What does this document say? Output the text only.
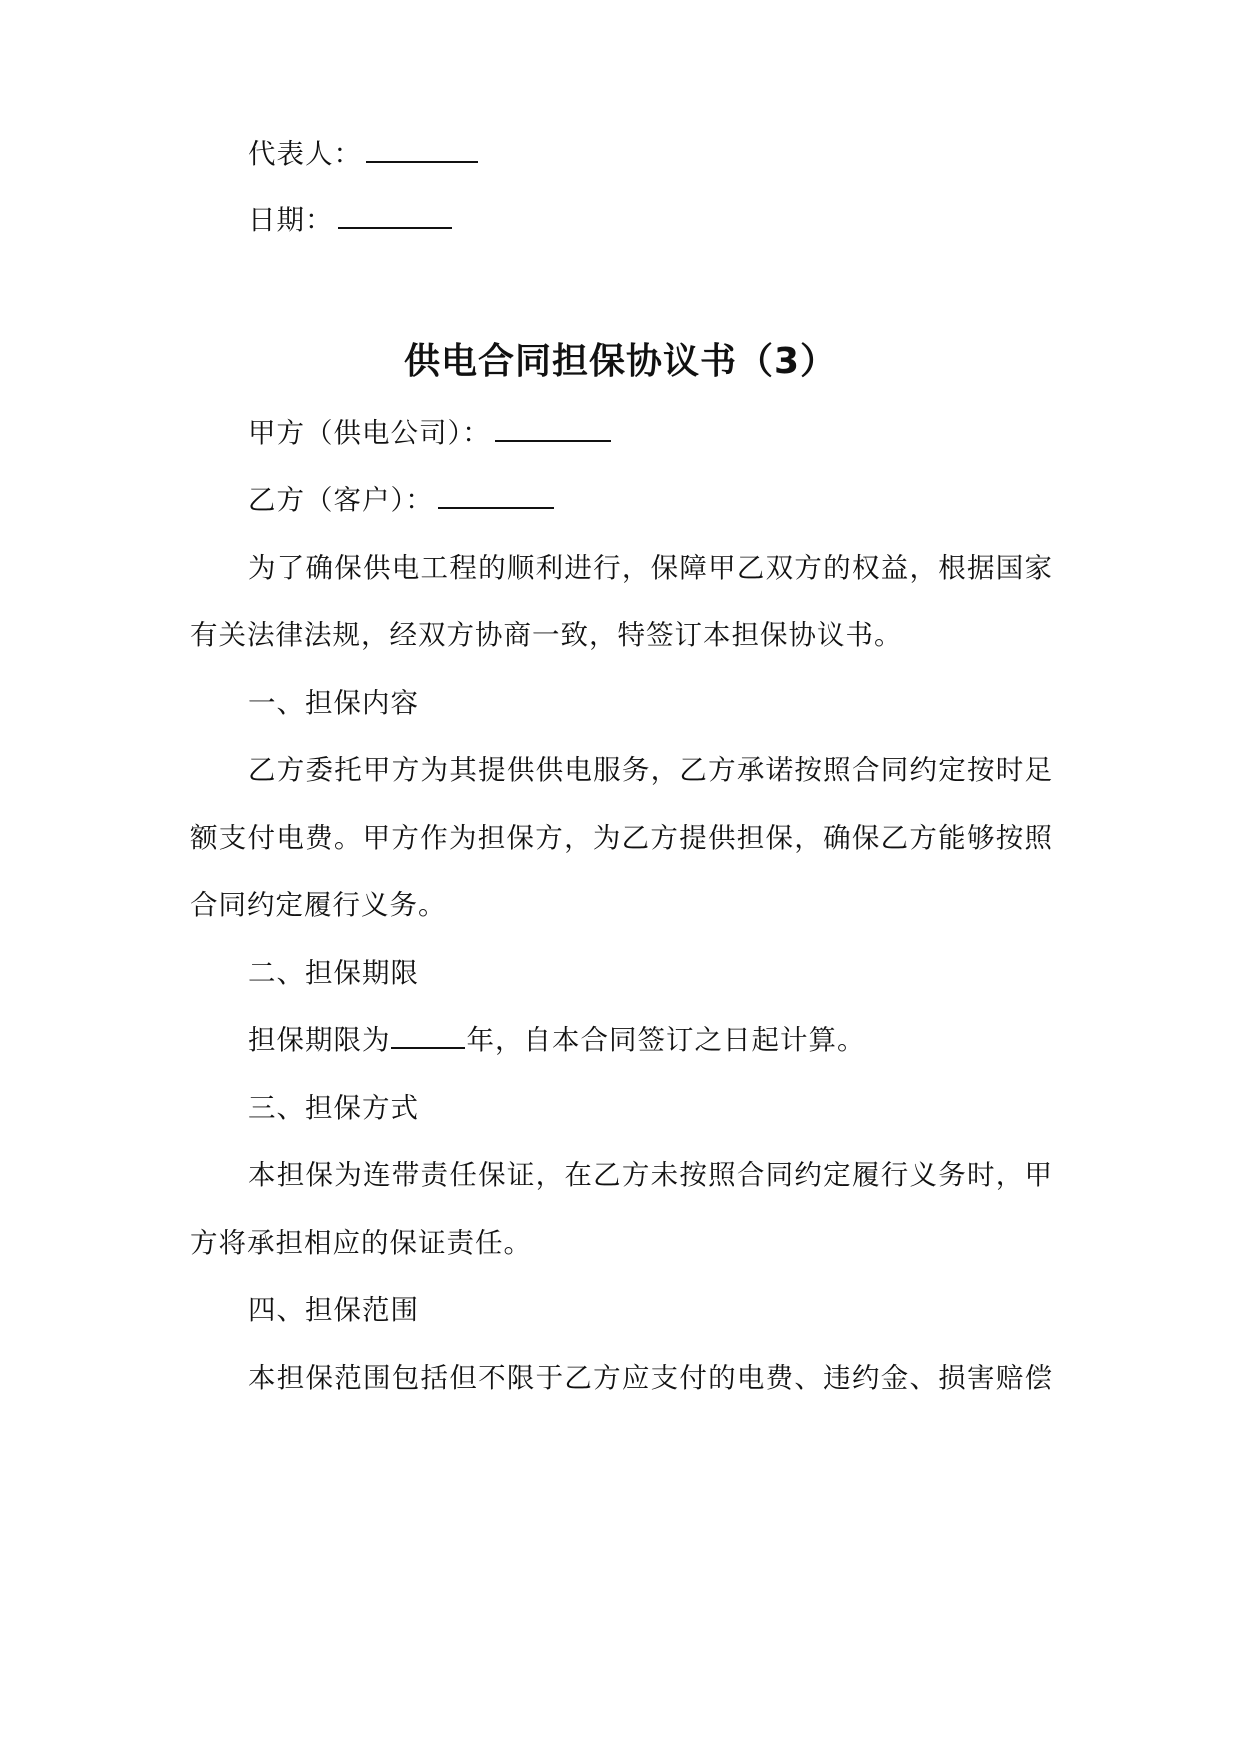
代表人：
日期：
供电合同担保协议书（3）
甲方（供电公司）：
乙方（客户）：
为了确保供电工程的顺利进行，保障甲乙双方的权益，根据国家
有关法律法规，经双方协商一致，特签订本担保协议书。
一、担保内容
乙方委托甲方为其提供供电服务，乙方承诺按照合同约定按时足
额支付电费。甲方作为担保方，为乙方提供担保，确保乙方能够按照
合同约定履行义务。
二、担保期限
担保期限为	年，自本合同签订之日起计算。
三、担保方式
本担保为连带责任保证，在乙方未按照合同约定履行义务时，甲
方将承担相应的保证责任。
四、担保范围
本担保范围包括但不限于乙方应支付的电费、违约金、损害赔偿
